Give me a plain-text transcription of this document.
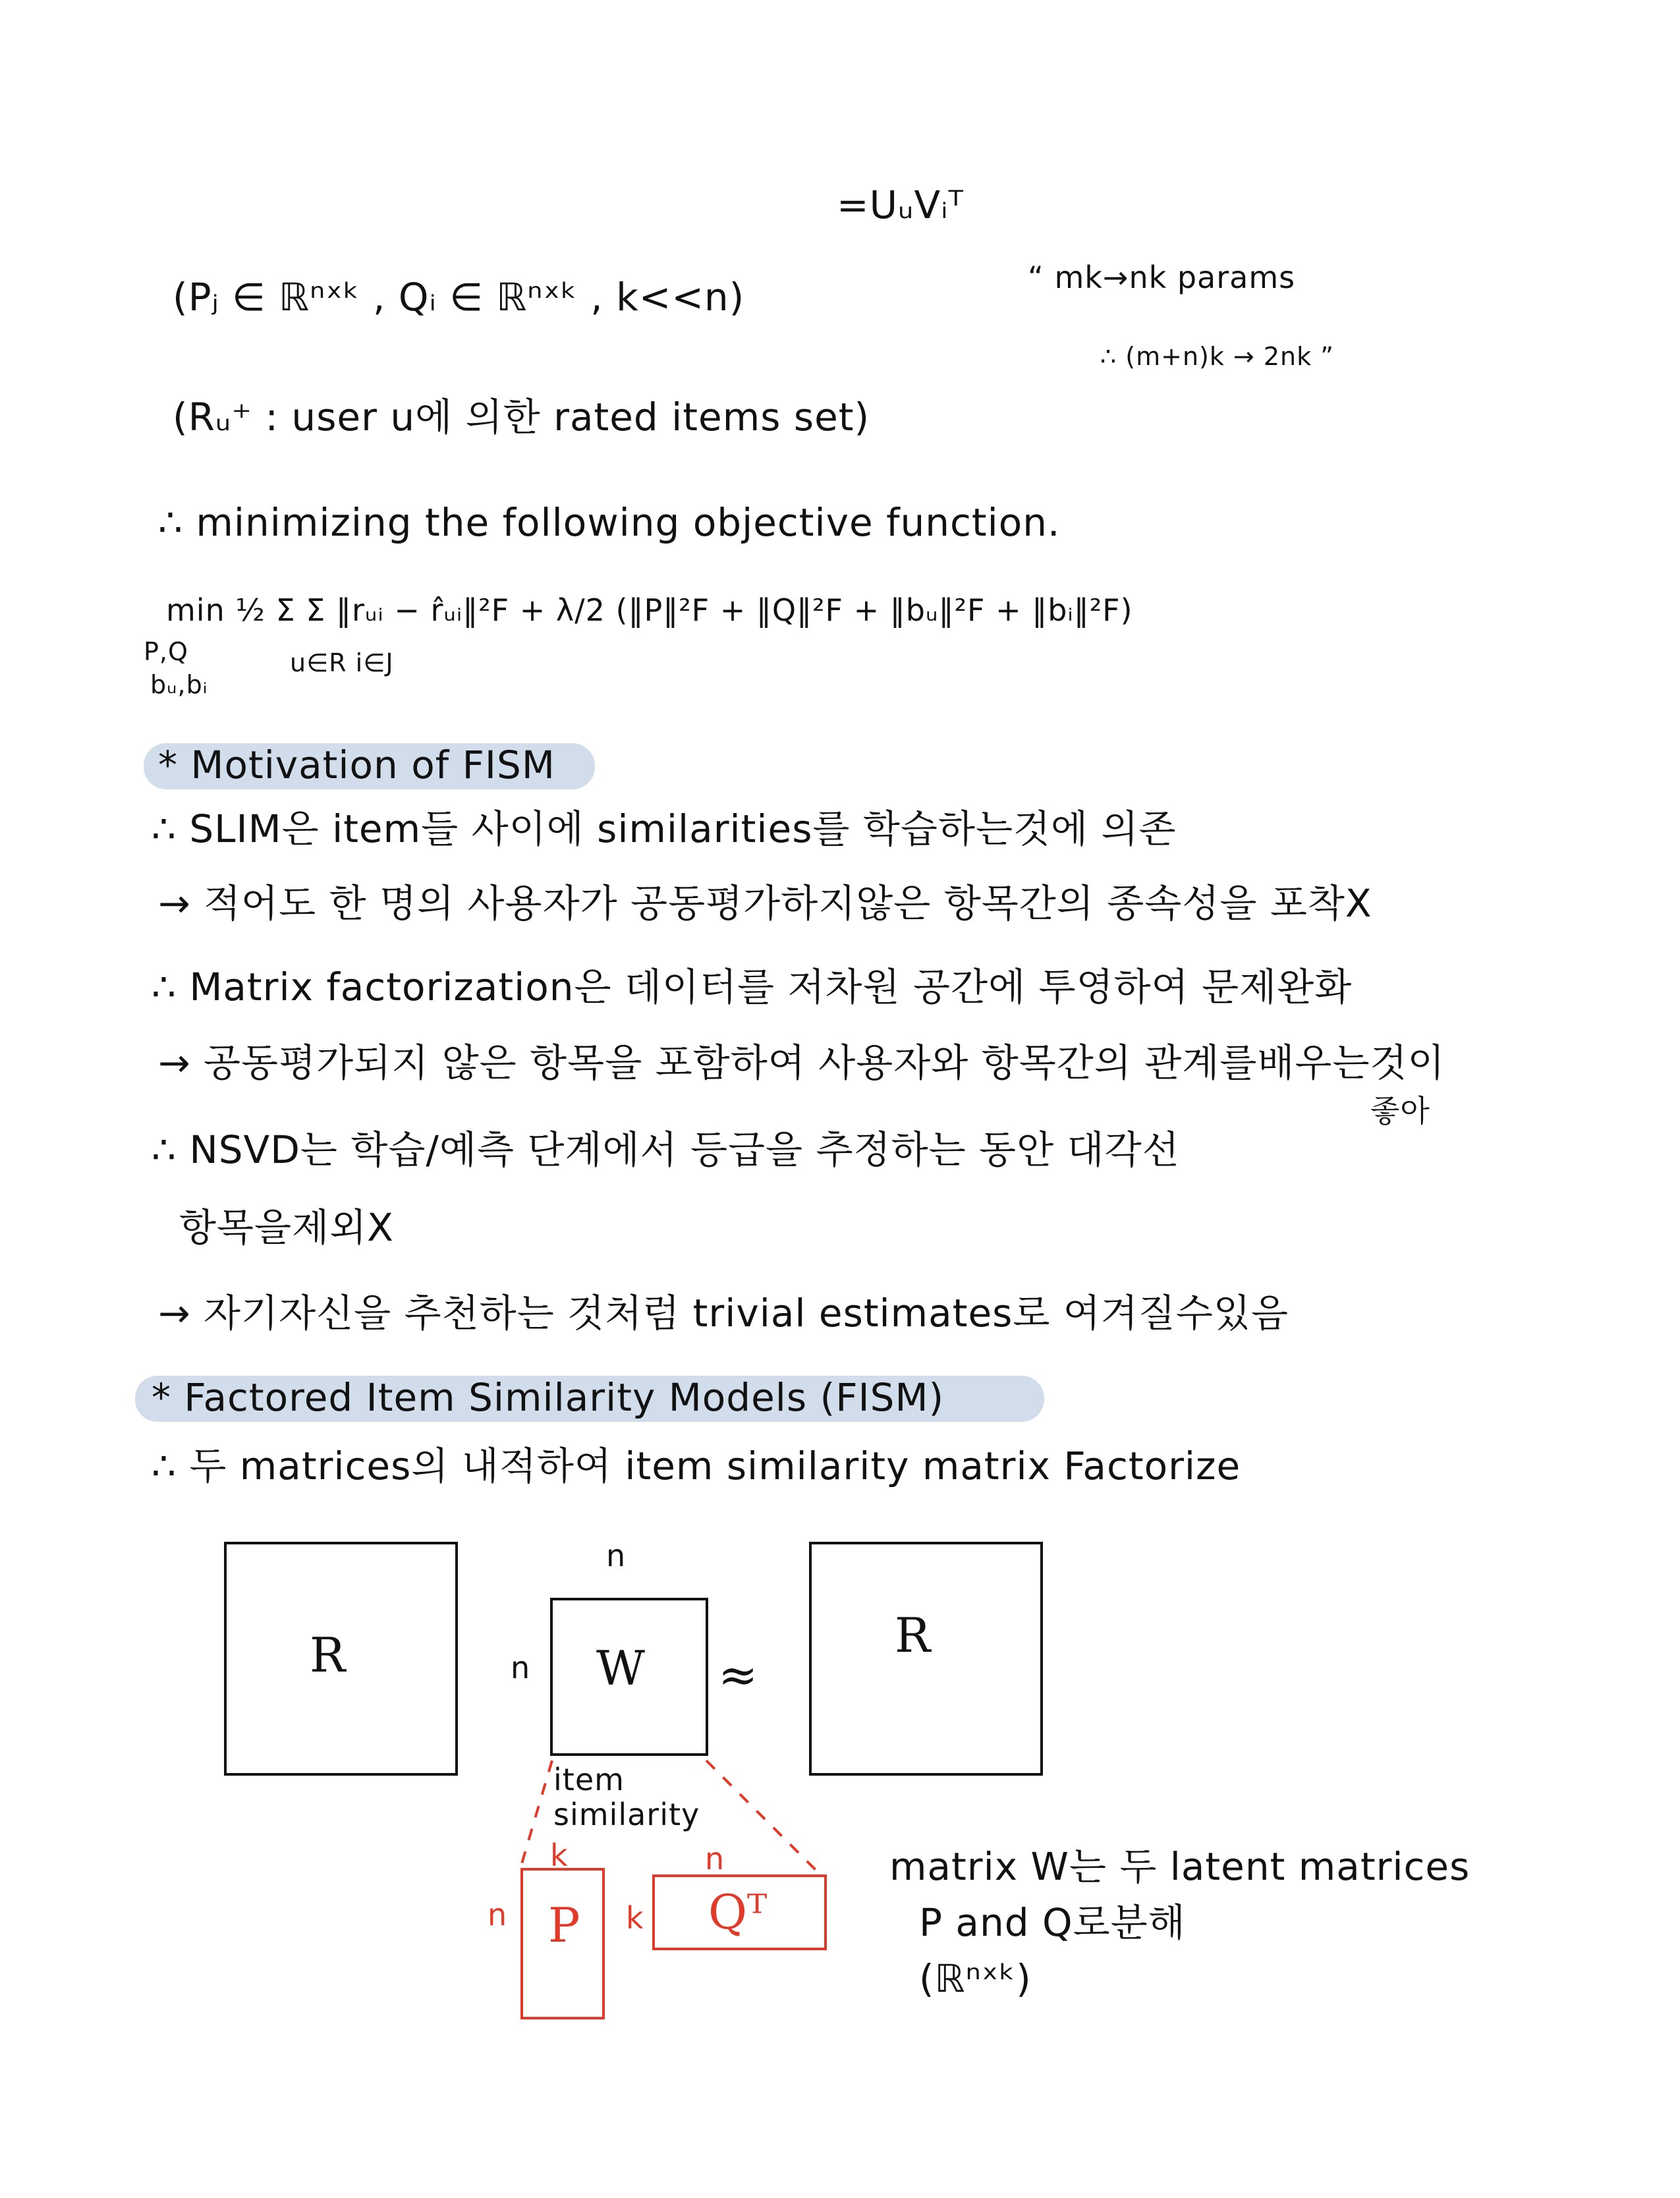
=UᵤVᵢᵀ
(Pⱼ ∈ ℝⁿˣᵏ , Qᵢ ∈ ℝⁿˣᵏ , k<<n)	“ mk→nk params
∴ (m+n)k → 2nk ”
(Rᵤ⁺ : user u에 의한 rated items set)
∴ minimizing the following objective function.
min ½ Σ Σ ‖rᵤᵢ − r̂ᵤᵢ‖²F + λ/2 (‖P‖²F + ‖Q‖²F + ‖bᵤ‖²F + ‖bᵢ‖²F)
P,Q
bᵤ,bᵢ
u∈R i∈J
* Motivation of FISM
∴ SLIM은 item들 사이에 similarities를 학습하는것에 의존
→ 적어도 한 명의 사용자가 공동평가하지않은 항목간의 종속성을 포착X
∴ Matrix factorization은 데이터를 저차원 공간에 투영하여 문제완화
→ 공동평가되지 않은 항목을 포함하여 사용자와 항목간의 관계를배우는것이
좋아
∴ NSVD는 학습/예측 단계에서 등급을 추정하는 동안 대각선
항목을제외X
→ 자기자신을 추천하는 것처럼 trivial estimates로 여겨질수있음
* Factored Item Similarity Models (FISM)
∴ 두 matrices의 내적하여 item similarity matrix Factorize
R
n
n W ≈
R
item similarity
k
n P k
n
Qᵀ
matrix W는 두 latent matrices
P and Q로분해
(ℝⁿˣᵏ)
